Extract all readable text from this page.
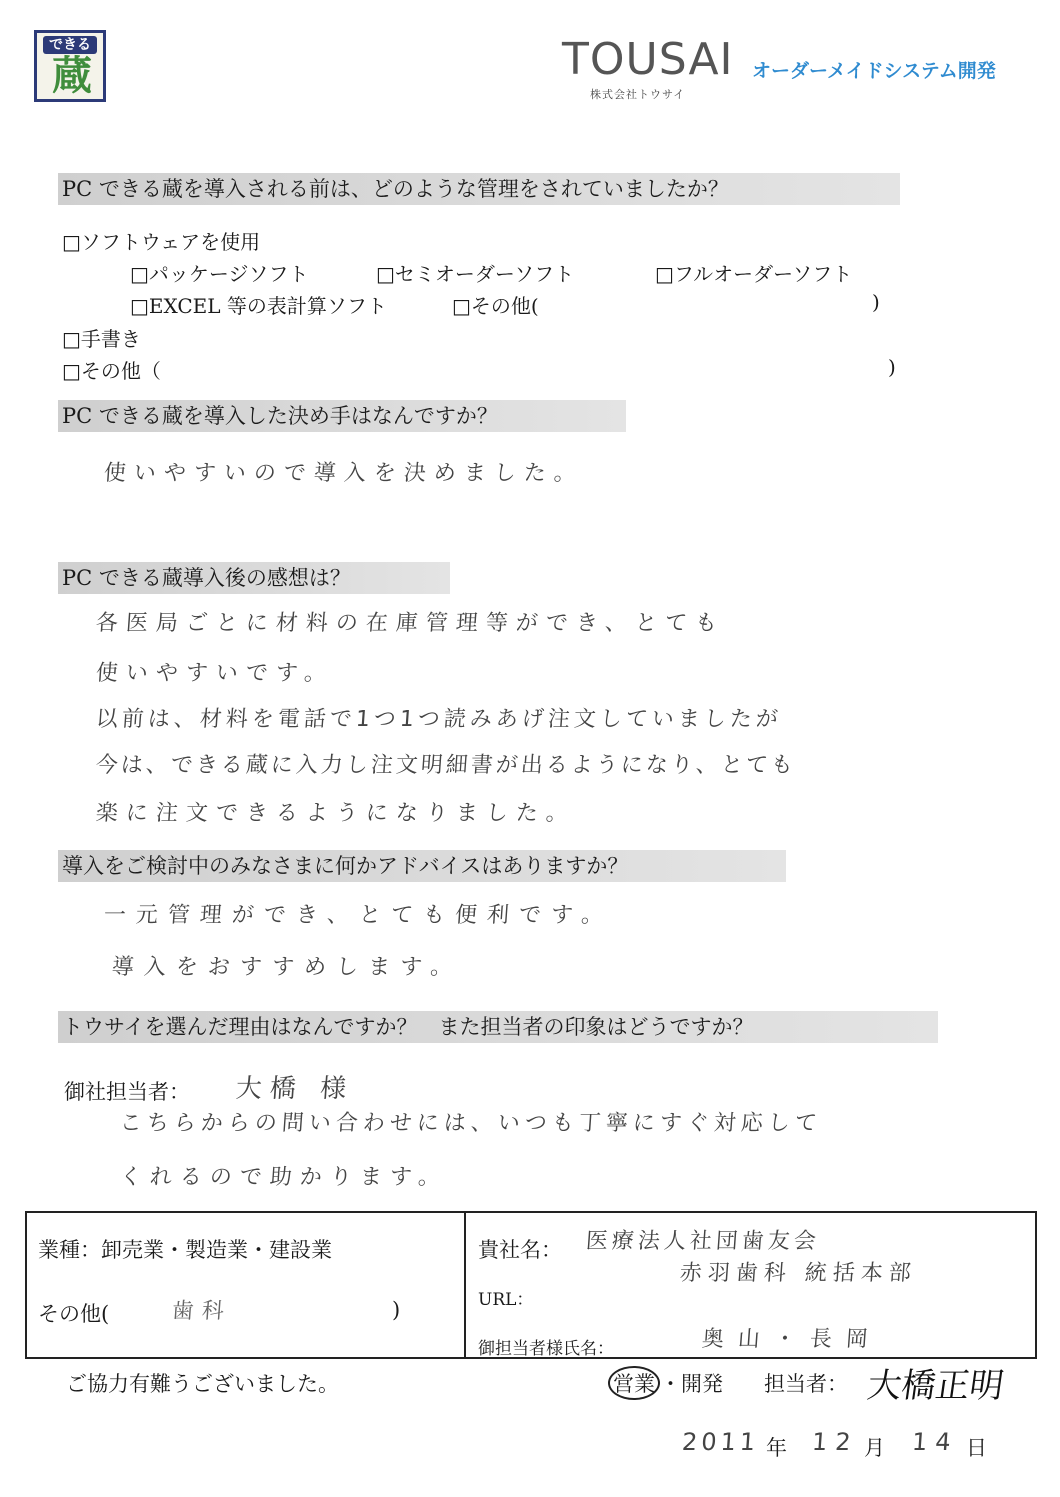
できる
蔵	TOUSAI オーダーメイドシステム開発
株式会社トウサイ
PC できる蔵を導入される前は、どのような管理をされていましたか？
□ソフトウェアを使用
□パッケージソフト	□セミオーダーソフト	□フルオーダーソフト
□EXCEL 等の表計算ソフト	□その他(	)
□手書き
□その他（	)
PC できる蔵を導入した決め手はなんですか？
使いやすいので導入を決めました。
PC できる蔵導入後の感想は？
各医局ごとに材料の在庫管理等ができ、とても
使いやすいです。
以前は、材料を電話で1つ1つ読みあげ注文していましたが
今は、できる蔵に入力し注文明細書が出るようになり、とても
楽に注文できるようになりました。
導入をご検討中のみなさまに何かアドバイスはありますか？
一元管理ができ、とても便利です。
導入をおすすめします。
トウサイを選んだ理由はなんですか？　また担当者の印象はどうですか？
御社担当者： 大橋 様
こちらからの問い合わせには、いつも丁寧にすぐ対応して
くれるので助かります。
業種：卸売業・製造業・建設業
その他(	歯科	)
貴社名： 医療法人社団歯友会
赤羽歯科 統括本部
URL：
御担当者様氏名：	奥山・長岡
ご協力有難うございました。	営業 ・開発 担当者： 大橋正明
2011 年 12 月 14 日
